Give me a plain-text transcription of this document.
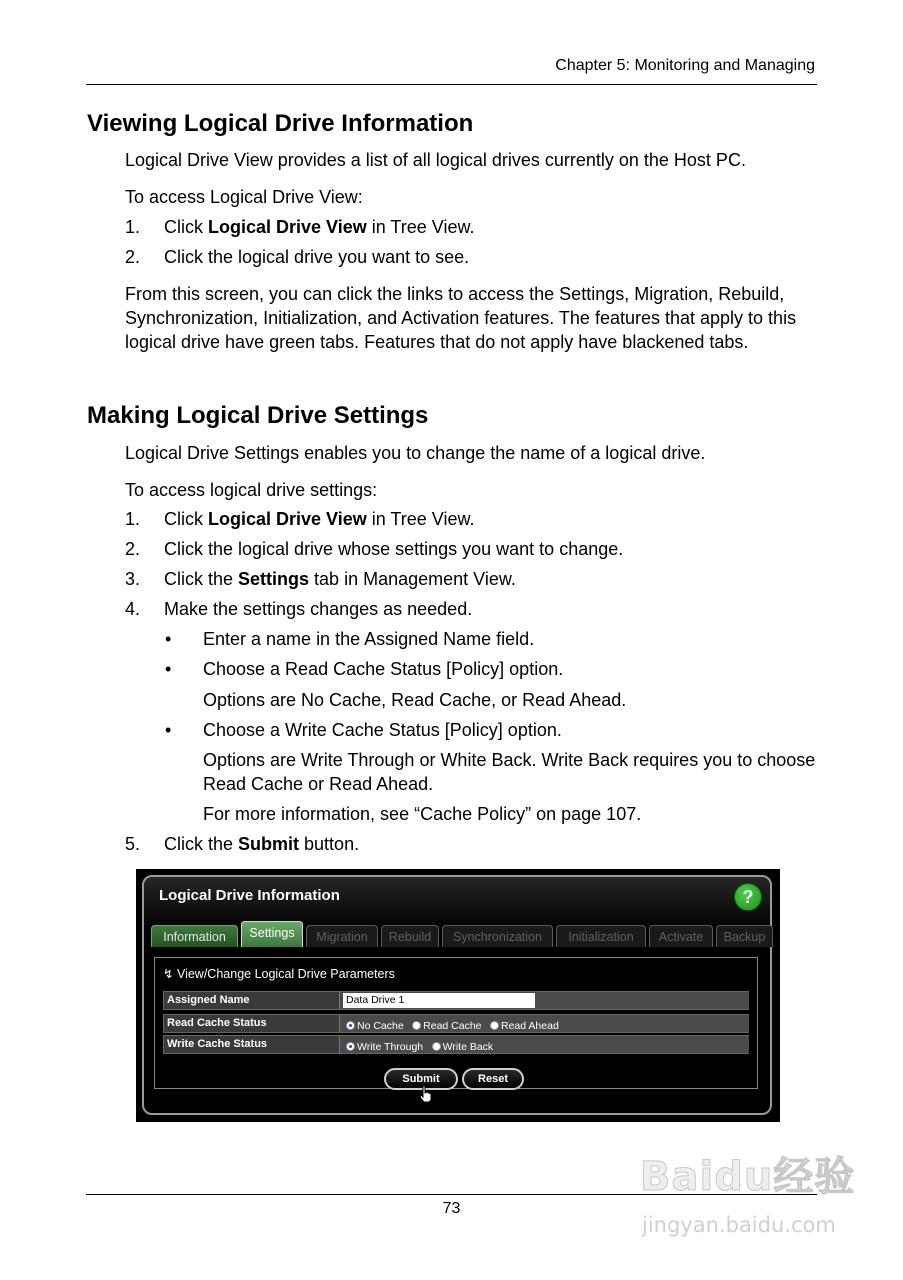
Chapter 5: Monitoring and Managing
Viewing Logical Drive Information

Logical Drive View provides a list of all logical drives currently on the Host PC.

To access Logical Drive View:

1. Click Logical Drive View in Tree View.
2. Click the logical drive you want to see.

From this screen, you can click the links to access the Settings, Migration, Rebuild, Synchronization, Initialization, and Activation features. The features that apply to this logical drive have green tabs. Features that do not apply have blackened tabs.

Making Logical Drive Settings

Logical Drive Settings enables you to change the name of a logical drive.

To access logical drive settings:

1. Click Logical Drive View in Tree View.
2. Click the logical drive whose settings you want to change.
3. Click the Settings tab in Management View.
4. Make the settings changes as needed.
• Enter a name in the Assigned Name field.
• Choose a Read Cache Status [Policy] option.

Options are No Cache, Read Cache, or Read Ahead.

• Choose a Write Cache Status [Policy] option.

Options are Write Through or White Back. Write Back requires you to choose Read Cache or Read Ahead.

For more information, see “Cache Policy” on page 107.

5. Click the Submit button.
Logical Drive Information	?
Information	Settings	Migration	Rebuild	Synchronization	Initialization	Activate	Backup
↯ View/Change Logical Drive Parameters
Assigned Name	Data Drive 1
Read Cache Status	No Cache Read Cache Read Ahead
Write Cache Status	Write Through Write Back
Submit	Reset
73
Baidu经验
jingyan.baidu.com
